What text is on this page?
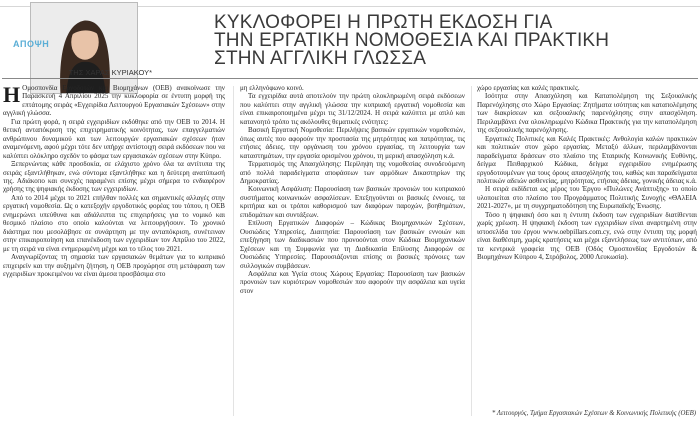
ΑΠΟΨΗ
ΤΗΣ ΧΑΡΑΣ ΚΥΡΙΑΚΟΥ*
ΚΥΚΛΟΦΟΡΕΙ Η ΠΡΩΤΗ ΕΚΔΟΣΗ ΓΙΑ
ΤΗΝ ΕΡΓΑΤΙΚΗ ΝΟΜΟΘΕΣΙΑ ΚΑΙ ΠΡΑΚΤΙΚΗ
ΣΤΗΝ ΑΓΓΛΙΚΗ ΓΛΩΣΣΑ

Η Ομοσπονδία Εργοδοτών και Βιομηχάνων (ΟΕΒ) ανακοίνωσε την Παρασκευή 4 Απριλίου 2025 την κυκλοφορία σε έντυπη μορφή της επτάτομης σειράς «Εγχειρίδια Λειτουργού Εργασιακών Σχέσεων» στην αγγλική γλώσσα.

Για πρώτη φορά, η σειρά εγχειριδίων εκδόθηκε από την ΟΕΒ το 2014. Η θετική ανταπόκριση της επιχειρηματικής κοινότητας, των επαγγελματιών ανθρώπινου δυναμικού και των λειτουργών εργασιακών σχέσεων ήταν αναμενόμενη, αφού μέχρι τότε δεν υπήρχε αντίστοιχη σειρά εκδόσεων που να καλύπτει ολόκληρο σχεδόν το φάσμα των εργασιακών σχέσεων στην Κύπρο.

Ξεπερνώντας κάθε προσδοκία, σε ελάχιστο χρόνο όλα τα αντίτυπα της σειράς εξαντλήθηκαν, ενώ σύντομα εξαντλήθηκε και η δεύτερη ανατύπωσή της. Αδιάκοπο και συνεχές παραμένει επίσης μέχρι σήμερα το ενδιαφέρον χρήσης της ψηφιακής έκδοσης των εγχειριδίων.

Από το 2014 μέχρι το 2021 επήλθαν πολλές και σημαντικές αλλαγές στην εργατική νομοθεσία. Ως ο κατεξοχήν εργοδοτικός φορέας του τόπου, η ΟΕΒ ενημερώνει υπεύθυνα και αδιάλειπτα τις επιχειρήσεις για το νομικό και θεσμικό πλαίσιο στο οποίο καλούνται να λειτουργήσουν. Το χρονικό διάστημα που μεσολάβησε σε συνάρτηση με την ανταπόκριση, συνέτειναν στην επικαιροποίηση και επανέκδοση των εγχειριδίων τον Απρίλιο του 2022, με τη σειρά να είναι ενημερωμένη μέχρι και το τέλος του 2021.

Αναγνωρίζοντας τη σημασία των εργασιακών θεμάτων για το κυπριακό επιχειρείν και την αυξημένη ζήτηση, η ΟΕΒ προχώρησε στη μετάφραση των εγχειριδίων προκειμένου να είναι άμεσα προσβάσιμα στο

μη ελληνόφωνο κοινό.

Τα εγχειρίδια αυτά αποτελούν την πρώτη ολοκληρωμένη σειρά εκδόσεων που καλύπτει στην αγγλική γλώσσα την κυπριακή εργατική νομοθεσία και είναι επικαιροποιημένα μέχρι τις 31/12/2024. Η σειρά καλύπτει με απλό και κατανοητό τρόπο τις ακόλουθες θεματικές ενότητες:

Βασική Εργατική Νομοθεσία: Περιλήψεις βασικών εργατικών νομοθεσιών, όπως αυτές που αφορούν την προστασία της μητρότητας και πατρότητας, τις ετήσιες άδειες, την οργάνωση του χρόνου εργασίας, τη λειτουργία των καταστημάτων, την εργασία ορισμένου χρόνου, τη μερική απασχόληση κ.ά.

Τερματισμός της Απασχόλησης: Περίληψη της νομοθεσίας συνοδευόμενη από πολλά παραδείγματα αποφάσεων των αρμόδιων Δικαστηρίων της Δημοκρατίας.

Κοινωνική Ασφάλιση: Παρουσίαση των βασικών προνοιών του κυπριακού συστήματος κοινωνικών ασφαλίσεων. Επεξηγούνται οι βασικές έννοιες, τα κριτήρια και οι τρόποι καθορισμού των διαφόρων παροχών, βοηθημάτων, επιδομάτων και συντάξεων.

Επίλυση Εργατικών Διαφορών – Κώδικας Βιομηχανικών Σχέσεων, Ουσιώδεις Υπηρεσίες, Διαιτησία: Παρουσίαση των βασικών εννοιών και επεξήγηση των διαδικασιών που προνοούνται στον Κώδικα Βιομηχανικών Σχέσεων και τη Συμφωνία για τη Διαδικασία Επίλυσης Διαφορών σε Ουσιώδεις Υπηρεσίες. Παρουσιάζονται επίσης οι βασικές πρόνοιες των συλλογικών συμβάσεων.

Ασφάλεια και Υγεία στους Χώρους Εργασίας: Παρουσίαση των βασικών προνοιών των κυριότερων νομοθεσιών που αφορούν την ασφάλεια και υγεία στον

χώρο εργασίας και καλές πρακτικές.

Ισότητα στην Απασχόληση και Καταπολέμηση της Σεξουαλικής Παρενόχλησης στο Χώρο Εργασίας: Ζητήματα ισότητας και καταπολέμησης των διακρίσεων και σεξουαλικής παρενόχλησης στην απασχόληση. Περιλαμβάνει ένα ολοκληρωμένο Κώδικα Πρακτικής για την καταπολέμηση της σεξουαλικής παρενόχλησης.

Εργατικές Πολιτικές και Καλές Πρακτικές: Ανθολογία καλών πρακτικών και πολιτικών στον χώρο εργασίας. Μεταξύ άλλων, περιλαμβάνονται παραδείγματα δράσεων στο πλαίσιο της Εταιρικής Κοινωνικής Ευθύνης, δείγμα Πειθαρχικού Κώδικα, δείγμα εγχειριδίου ενημέρωσης εργοδοτουμένων για τους όρους απασχόλησής του, καθώς και παραδείγματα πολιτικών αδειών ασθενείας, μητρότητας, ετήσιας άδειας, γονικής άδειας κ.ά.

Η σειρά εκδίδεται ως μέρος του Έργου «Πυλώνες Ανάπτυξης» το οποίο υλοποιείται στο πλαίσιο του Προγράμματος Πολιτικής Συνοχής «ΘΑλΕΙΑ 2021-2027», με τη συγχρηματοδότηση της Ευρωπαϊκής Ένωσης.

Τόσο η ψηφιακή όσο και η έντυπη έκδοση των εγχειριδίων διατίθενται χωρίς χρέωση. Η ψηφιακή έκδοση των εγχειριδίων είναι αναρτημένη στην ιστοσελίδα του έργου www.oebpillars.com.cy, ενώ στην έντυπη της μορφή είναι διαθέσιμη, χωρίς κρατήσεις και μέχρι εξαντλήσεως των αντιτύπων, από τα κεντρικά γραφεία της ΟΕΒ (Οδός Ομοσπονδίας Εργοδοτών & Βιομηχάνων Κύπρου 4, Στρόβολος, 2000 Λευκωσία).

* Λειτουργός, Τμήμα Εργασιακών Σχέσεων & Κοινωνικής Πολιτικής (ΟΕΒ)
